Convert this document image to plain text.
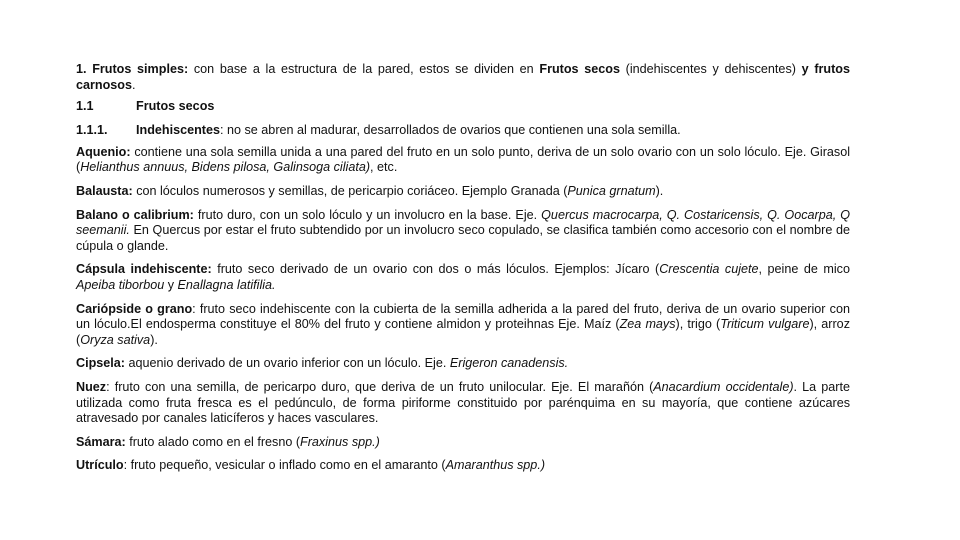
1. Frutos simples: con base a la estructura de la pared, estos se dividen en Frutos secos (indehiscentes y dehiscentes) y frutos carnosos.

1.1	Frutos secos
1.1.1. Indehiscentes: no se abren al madurar, desarrollados de ovarios que contienen una sola semilla.

Aquenio: contiene una sola semilla unida a una pared del fruto en un solo punto, deriva de un solo ovario con un solo lóculo. Eje. Girasol (Helianthus annuus, Bidens pilosa, Galinsoga ciliata), etc.

Balausta: con lóculos numerosos y semillas, de pericarpio coriáceo. Ejemplo Granada (Punica grnatum).

Balano o calibrium: fruto duro, con un solo lóculo y un involucro en la base. Eje. Quercus macrocarpa, Q. Costaricensis, Q. Oocarpa, Q seemanii. En Quercus por estar el fruto subtendido por un involucro seco copulado, se clasifica también como accesorio con el nombre de cúpula o glande.

Cápsula indehiscente: fruto seco derivado de un ovario con dos o más lóculos. Ejemplos: Jícaro (Crescentia cujete, peine de mico Apeiba tiborbou y Enallagna latifilia.

Cariópside o grano: fruto seco indehiscente con la cubierta de la semilla adherida a la pared del fruto, deriva de un ovario superior con un lóculo.El endosperma constituye el 80% del fruto y contiene almidon y proteihnas Eje. Maíz (Zea mays), trigo (Triticum vulgare), arroz (Oryza sativa).

Cipsela: aquenio derivado de un ovario inferior con un lóculo. Eje. Erigeron canadensis.

Nuez: fruto con una semilla, de pericarpo duro, que deriva de un fruto unilocular. Eje. El marañón (Anacardium occidentale). La parte utilizada como fruta fresca es el pedúnculo, de forma piriforme constituido por parénquima en su mayoría, que contiene azúcares atravesado por canales laticíferos y haces vasculares.

Sámara: fruto alado como en el fresno (Fraxinus spp.)

Utrículo: fruto pequeño, vesicular o inflado como en el amaranto (Amaranthus spp.)
